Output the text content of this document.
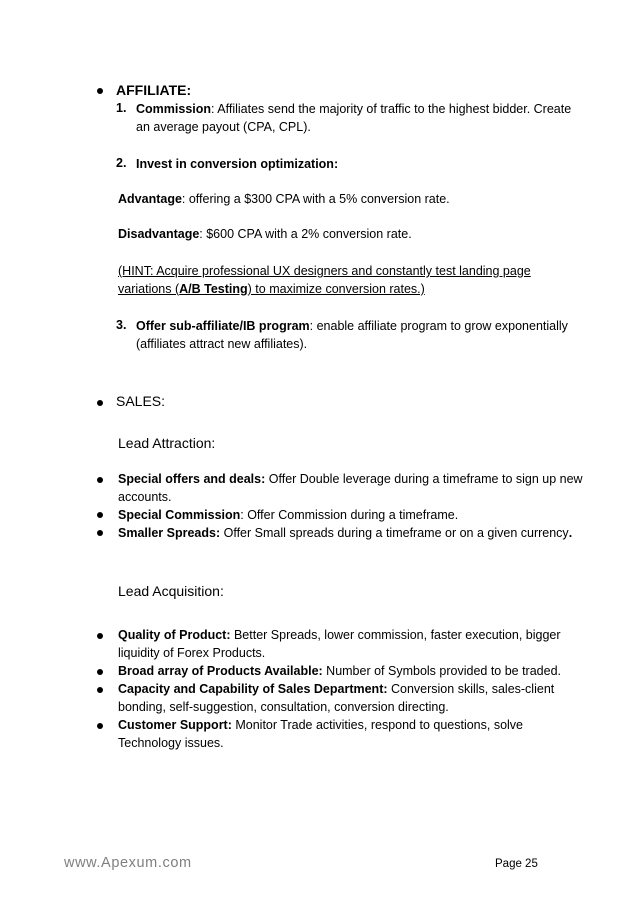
AFFILIATE:
1. Commission: Affiliates send the majority of traffic to the highest bidder. Create
an average payout (CPA, CPL).
2. Invest in conversion optimization:
Advantage: offering a $300 CPA with a 5% conversion rate.
Disadvantage: $600 CPA with a 2% conversion rate.
(HINT: Acquire professional UX designers and constantly test landing page
variations (A/B Testing) to maximize conversion rates.)
3. Offer sub-affiliate/IB program: enable affiliate program to grow exponentially
(affiliates attract new affiliates).
SALES:
Lead Attraction:
Special offers and deals: Offer Double leverage during a timeframe to sign up new
accounts.
Special Commission: Offer Commission during a timeframe.
Smaller Spreads: Offer Small spreads during a timeframe or on a given currency.
Lead Acquisition:
Quality of Product: Better Spreads, lower commission, faster execution, bigger
liquidity of Forex Products.
Broad array of Products Available: Number of Symbols provided to be traded.
Capacity and Capability of Sales Department: Conversion skills, sales-client
bonding, self-suggestion, consultation, conversion directing.
Customer Support: Monitor Trade activities, respond to questions, solve
Technology issues.
www.Apexum.com	Page 25
